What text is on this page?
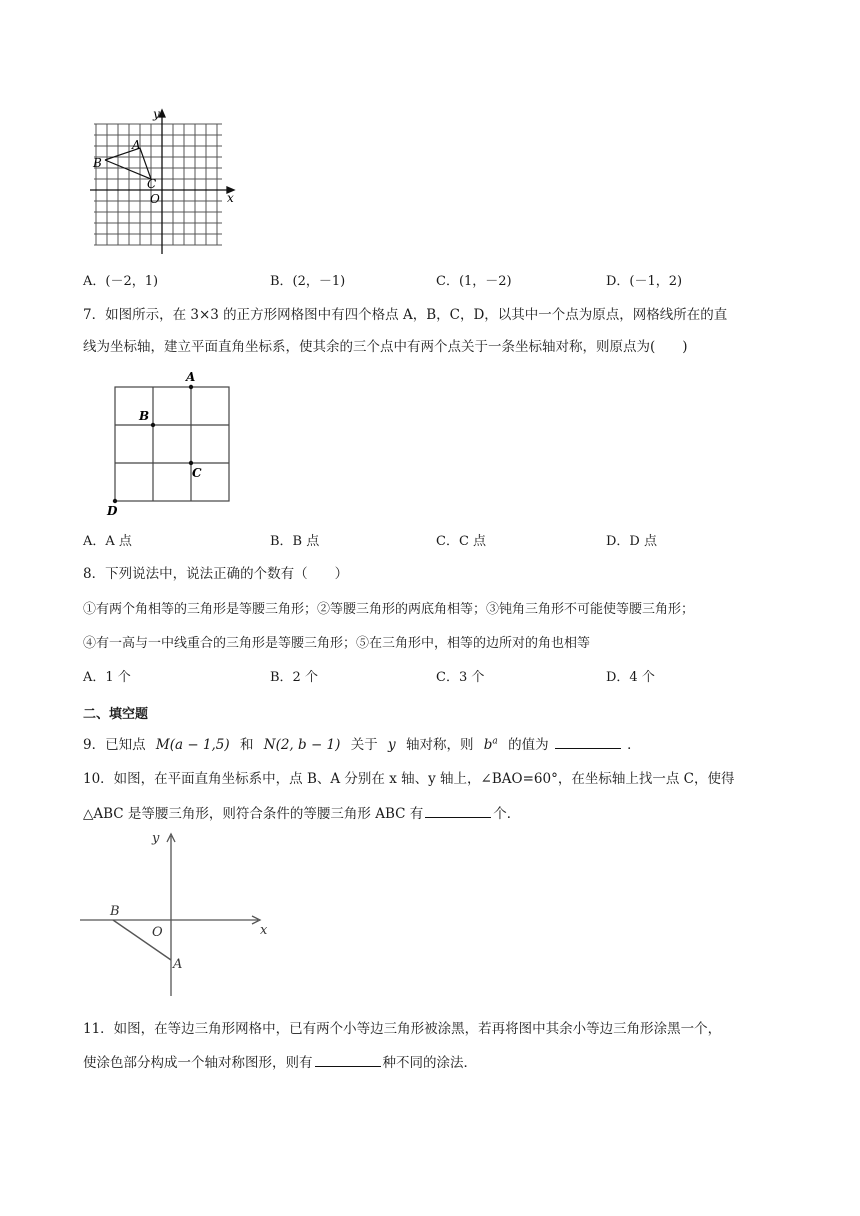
y
x
O
A
B
C
A．(－2，1)	B．(2，－1)	C．(1，－2)	D．(－1，2)
7．如图所示，在 3×3 的正方形网格图中有四个格点 A，B，C，D，以其中一个点为原点，网格线所在的直
线为坐标轴，建立平面直角坐标系，使其余的三个点中有两个点关于一条坐标轴对称，则原点为(　　)
A
B
C
D
A．A 点	B．B 点	C．C 点	D．D 点
8．下列说法中，说法正确的个数有（　　）
①有两个角相等的三角形是等腰三角形；②等腰三角形的两底角相等；③钝角三角形不可能使等腰三角形；
④有一高与一中线重合的三角形是等腰三角形；⑤在三角形中，相等的边所对的角也相等
A．1 个	B．2 个	C．3 个	D．4 个
二、填空题
9．已知点 M(a − 1,5) 和 N(2, b − 1) 关于 y 轴对称，则 $b^a$ 的值为	．
10．如图，在平面直角坐标系中，点 B、A 分别在 x 轴、y 轴上，∠BAO=60°，在坐标轴上找一点 C，使得
△ABC 是等腰三角形，则符合条件的等腰三角形 ABC 有	个．
y
x
O
B
A
11．如图，在等边三角形网格中，已有两个小等边三角形被涂黑，若再将图中其余小等边三角形涂黑一个，
使涂色部分构成一个轴对称图形，则有	种不同的涂法．
